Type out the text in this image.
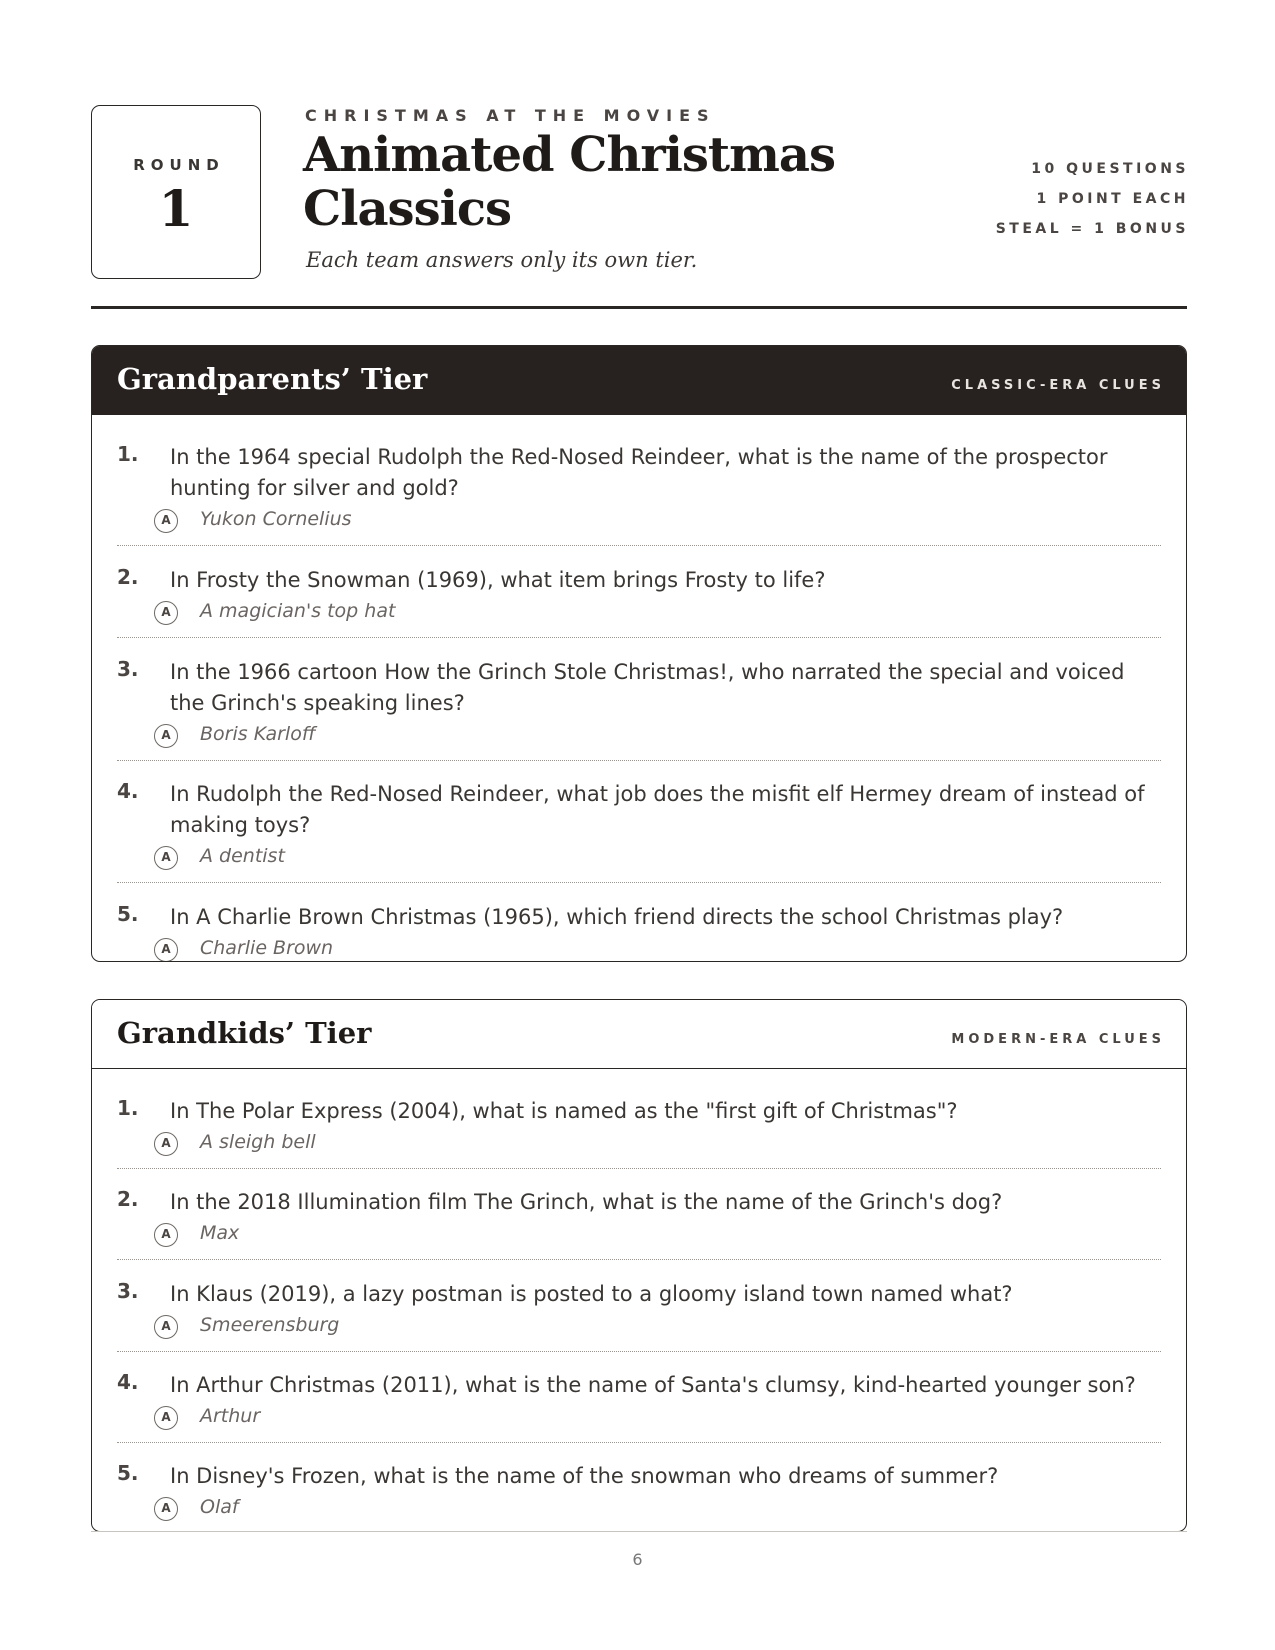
ROUND
1
CHRISTMAS AT THE MOVIES
Animated Christmas Classics
Each team answers only its own tier.
10 QUESTIONS
1 POINT EACH
STEAL = 1 BONUS
Grandparents’ Tier	CLASSIC-ERA CLUES
1. In the 1964 special Rudolph the Red-Nosed Reindeer, what is the name of the prospector hunting for silver and gold?
A	Yukon Cornelius
2. In Frosty the Snowman (1969), what item brings Frosty to life?
A	A magician's top hat
3. In the 1966 cartoon How the Grinch Stole Christmas!, who narrated the special and voiced the Grinch's speaking lines?
A	Boris Karloff
4. In Rudolph the Red-Nosed Reindeer, what job does the misfit elf Hermey dream of instead of making toys?
A	A dentist
5. In A Charlie Brown Christmas (1965), which friend directs the school Christmas play?
A	Charlie Brown
Grandkids’ Tier	MODERN-ERA CLUES
1. In The Polar Express (2004), what is named as the "first gift of Christmas"?
A	A sleigh bell
2. In the 2018 Illumination film The Grinch, what is the name of the Grinch's dog?
A	Max
3. In Klaus (2019), a lazy postman is posted to a gloomy island town named what?
A	Smeerensburg
4. In Arthur Christmas (2011), what is the name of Santa's clumsy, kind-hearted younger son?
A	Arthur
5. In Disney's Frozen, what is the name of the snowman who dreams of summer?
A	Olaf
6
